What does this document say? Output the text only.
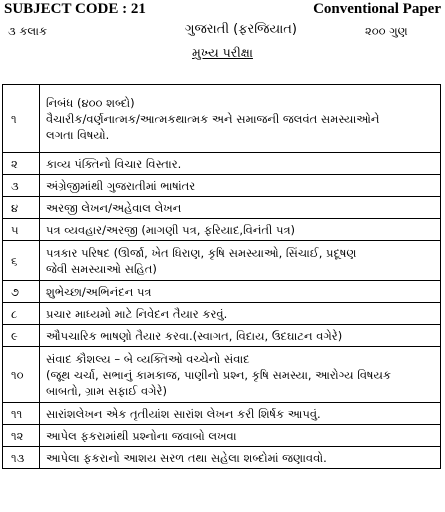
SUBJECT CODE : 21	Conventional Paper
૩ કલાક	ગુજરાતી (ફરજિયાત)	૨૦૦ ગુણ
મુખ્ય પરીક્ષા
૧	નિબંધ (૪૦૦ શબ્દો)
વૈચારીક/વર્ણનાત્મક/આત્મકથાત્મક અને સમાજની જલવંત સમસ્યાઓને
લગતા વિષયો.

૨	કાવ્ય પંક્તિનો વિચાર વિસ્તાર.

૩	અંગ્રેજીમાંથી ગુજરાતીમાં ભાષાંતર

૪	અરજી લેખન/અહેવાલ લેખન

૫	પત્ર વ્યવહાર/અરજી (માગણી પત્ર, ફરિયાદ,વિનંતી પત્ર)

૬	પત્રકાર પરિષદ (ઊર્જા, ખેત ધિરાણ, કૃષિ સમસ્યાઓ, સિંચાઈ, પ્રદૂષણ
જેવી સમસ્યાઓ સહિત)

૭	શુભેચ્છા/અભિનંદન પત્ર

૮	પ્રચાર માધ્યમો માટે નિવેદન તૈયાર કરવું.

૯	ઔપચારિક ભાષણો તૈયાર કરવા.(સ્વાગત, વિદાય, ઉદઘાટન વગેરે)

૧૦	સંવાદ કૌશલ્ય – બે વ્યક્તિઓ વચ્ચેનો સંવાદ
(જૂથ ચર્ચા, સભાનું કામકાજ, પાણીનો પ્રશ્ન, કૃષિ સમસ્યા, આરોગ્ય વિષયક
બાબતો, ગ્રામ સફાઈ વગેરે)

૧૧	સારાંશલેખન એક તૃતીયાંશ સારાંશ લેખન કરી શિર્ષક આપવું.

૧૨	આપેલ ફકરામાંથી પ્રશ્નોના જવાબો લખવા

૧૩	આપેલા ફકરાનો આશય સરળ તથા સહેલા શબ્દોમાં જણાવવો.
